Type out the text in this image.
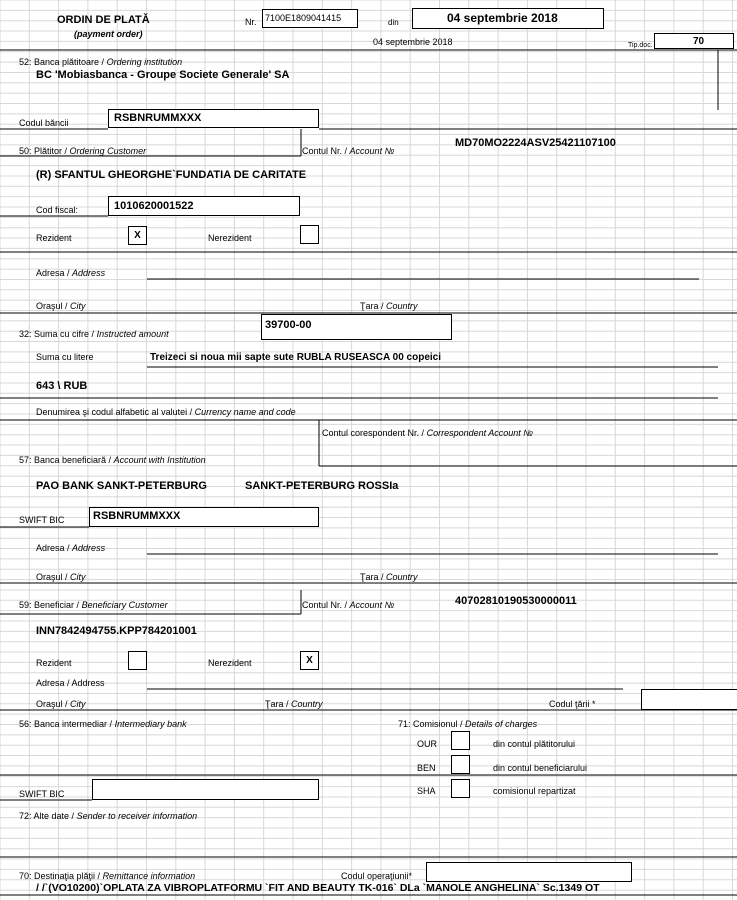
ORDIN DE PLATĂ
(payment order)
Nr. 7100E1809041415	din	04 septembrie 2018
04 septembrie 2018	Tip.doc.	70
52: Banca plătitoare / Ordering institution
BC 'Mobiasbanca - Groupe Societe Generale' SA
Codul băncii	RSBNRUMMXXX
50: Plătitor / Ordering Customer	Contul Nr. / Account №
MD70MO2224ASV25421107100
(R) SFANTUL GHEORGHE`FUNDATIA DE CARITATE
Cod fiscal:	1010620001522
Rezident	X	Nerezident
Adresa / Address
Oraşul / City	Ţara / Country
32: Suma cu cifre / Instructed amount
39700-00
Suma cu litere	Treizeci si noua mii sapte sute RUBLA RUSEASCA 00 copeici
643 \ RUB
Denumirea şi codul alfabetic al valutei / Currency name and code
Contul corespondent Nr. / Correspondent Account №
57: Banca beneficiară / Account with Institution
PAO BANK SANKT-PETERBURG	SANKT-PETERBURG ROSSIa
SWIFT BIC	RSBNRUMMXXX
Adresa / Address
Oraşul / City	Ţara / Country
59: Beneficiar / Beneficiary Customer	Contul Nr. / Account №	40702810190530000011
INN7842494755.KPP784201001
Rezident	Nerezident	X
Adresa / Address
Oraşul / City	Ţara / Country	Codul ţării *
56: Banca intermediar / Intermediary bank	71: Comisionul / Details of charges
OUR	din contul plătitorului
BEN	din contul beneficiarului
SHA	comisionul repartizat
SWIFT BIC
72: Alte date / Sender to receiver information
70: Destinaţia plăţii / Remittance information	Codul operaţiunii*
/ /`(VO10200)`OPLATA ZA VIBROPLATFORMU `FIT AND BEAUTY TK-016` DLa `MANOLE ANGHELINA` Sc.1349 OT
